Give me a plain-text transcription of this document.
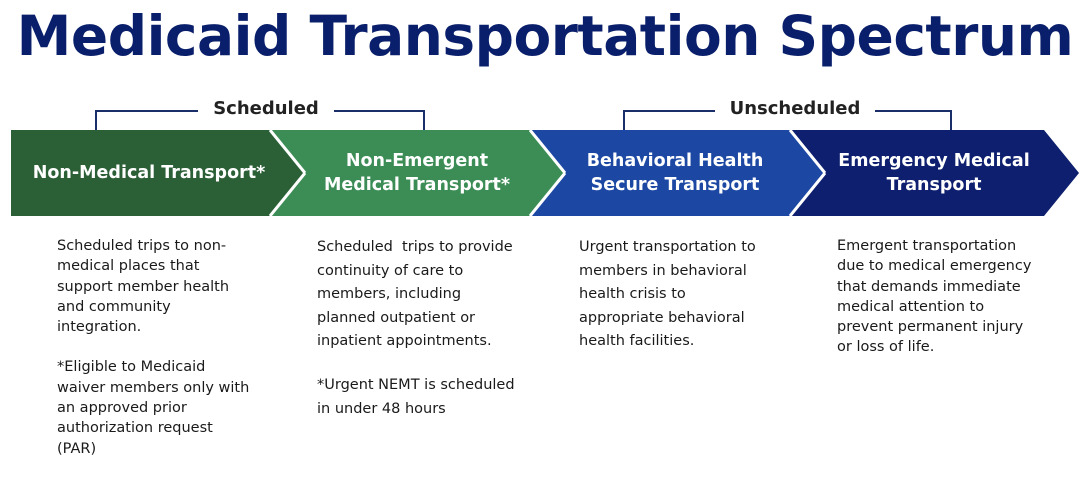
Medicaid Transportation Spectrum
Scheduled	Unscheduled
Non-Medical Transport*
Non-Emergent
Medical Transport*
Behavioral Health
Secure Transport
Emergency Medical
Transport

Scheduled trips to non-
medical places that
support member health
and community
integration.

*Eligible to Medicaid
waiver members only with
an approved prior
authorization request
(PAR)

Scheduled  trips to provide
continuity of care to
members, including
planned outpatient or
inpatient appointments.

*Urgent NEMT is scheduled
in under 48 hours

Urgent transportation to
members in behavioral
health crisis to
appropriate behavioral
health facilities.

Emergent transportation
due to medical emergency
that demands immediate
medical attention to
prevent permanent injury
or loss of life.
